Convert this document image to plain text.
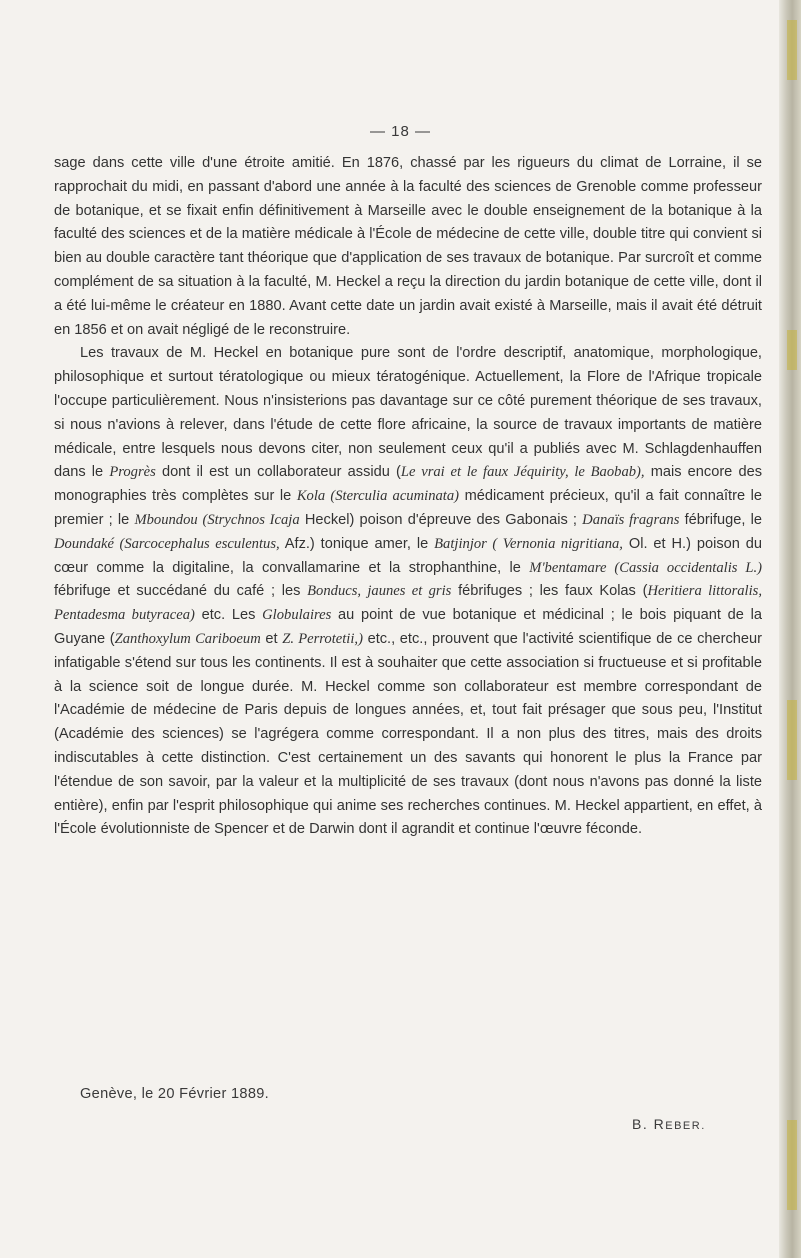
— 18 —

sage dans cette ville d'une étroite amitié. En 1876, chassé par les rigueurs du climat de Lorraine, il se rapprochait du midi, en passant d'abord une année à la faculté des sciences de Grenoble comme professeur de botanique, et se fixait enfin définitivement à Marseille avec le double enseignement de la botanique à la faculté des sciences et de la matière médicale à l'École de médecine de cette ville, double titre qui convient si bien au double caractère tant théorique que d'application de ses travaux de botanique. Par surcroît et comme complément de sa situation à la faculté, M. Heckel a reçu la direction du jardin botanique de cette ville, dont il a été lui-même le créateur en 1880. Avant cette date un jardin avait existé à Marseille, mais il avait été détruit en 1856 et on avait négligé de le reconstruire.

Les travaux de M. Heckel en botanique pure sont de l'ordre descriptif, anatomique, morphologique, philosophique et surtout tératologique ou mieux tératogénique. Actuellement, la Flore de l'Afrique tropicale l'occupe particulièrement. Nous n'insisterions pas davantage sur ce côté purement théorique de ses travaux, si nous n'avions à relever, dans l'étude de cette flore africaine, la source de travaux importants de matière médicale, entre lesquels nous devons citer, non seulement ceux qu'il a publiés avec M. Schlagdenhauffen dans le Progrès dont il est un collaborateur assidu (Le vrai et le faux Jéquirity, le Baobab), mais encore des monographies très complètes sur le Kola (Sterculia acuminata) médicament précieux, qu'il a fait connaître le premier ; le Mboundou (Strychnos Icaja Heckel) poison d'épreuve des Gabonais ; Danaïs fragrans fébrifuge, le Doundaké (Sarcocephalus esculentus, Afz.) tonique amer, le Batjinjor ( Vernonia nigritiana, Ol. et H.) poison du cœur comme la digitaline, la convallamarine et la strophanthine, le M'bentamare (Cassia occidentalis L.) fébrifuge et succédané du café ; les Bonducs, jaunes et gris fébrifuges ; les faux Kolas (Heritiera littoralis, Pentadesma butyracea) etc. Les Globulaires au point de vue botanique et médicinal ; le bois piquant de la Guyane (Zanthoxylum Cariboeum et Z. Perrotetii,) etc., etc., prouvent que l'activité scientifique de ce chercheur infatigable s'étend sur tous les continents. Il est à souhaiter que cette association si fructueuse et si profitable à la science soit de longue durée. M. Heckel comme son collaborateur est membre correspondant de l'Académie de médecine de Paris depuis de longues années, et, tout fait présager que sous peu, l'Institut (Académie des sciences) se l'agrégera comme correspondant. Il a non plus des titres, mais des droits indiscutables à cette distinction. C'est certainement un des savants qui honorent le plus la France par l'étendue de son savoir, par la valeur et la multiplicité de ses travaux (dont nous n'avons pas donné la liste entière), enfin par l'esprit philosophique qui anime ses recherches continues. M. Heckel appartient, en effet, à l'École évolutionniste de Spencer et de Darwin dont il agrandit et continue l'œuvre féconde.

Genève, le 20 Février 1889.
B. REBER.
